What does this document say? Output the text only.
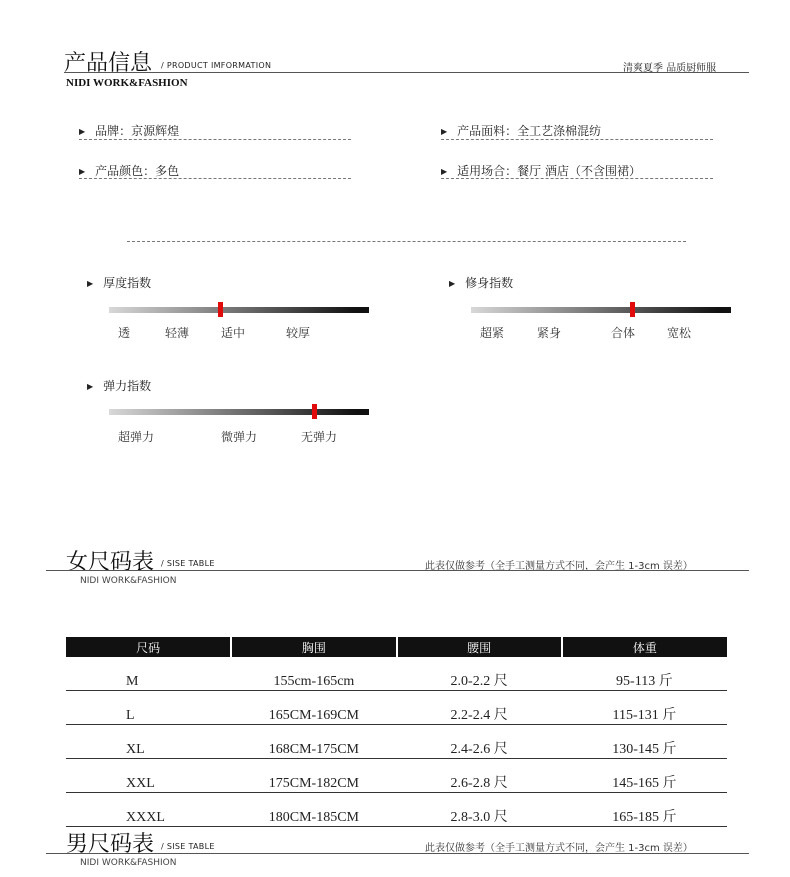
产品信息 / PRODUCT IMFORMATION	清爽夏季 品质厨师服
NIDI WORK&FASHION
▶ 品牌：京源辉煌	▶ 产品面料：全工艺涤棉混纺
▶ 产品颜色：多色	▶ 适用场合：餐厅 酒店（不含围裙）
▶ 厚度指数
透	轻薄	适中	较厚
▶ 修身指数
超紧	紧身	合体	宽松
▶ 弹力指数
超弹力	微弹力	无弹力
女尺码表 / SISE TABLE	此表仅做参考（全手工测量方式不同，会产生 1-3cm 误差）
NIDI WORK&FASHION
尺码	胸围	腰围	体重
M	155cm-165cm	2.0-2.2 尺	95-113 斤
L	165CM-169CM	2.2-2.4 尺	115-131 斤
XL	168CM-175CM	2.4-2.6 尺	130-145 斤
XXL	175CM-182CM	2.6-2.8 尺	145-165 斤
XXXL	180CM-185CM	2.8-3.0 尺	165-185 斤
男尺码表 / SISE TABLE	此表仅做参考（全手工测量方式不同，会产生 1-3cm 误差）
NIDI WORK&FASHION
